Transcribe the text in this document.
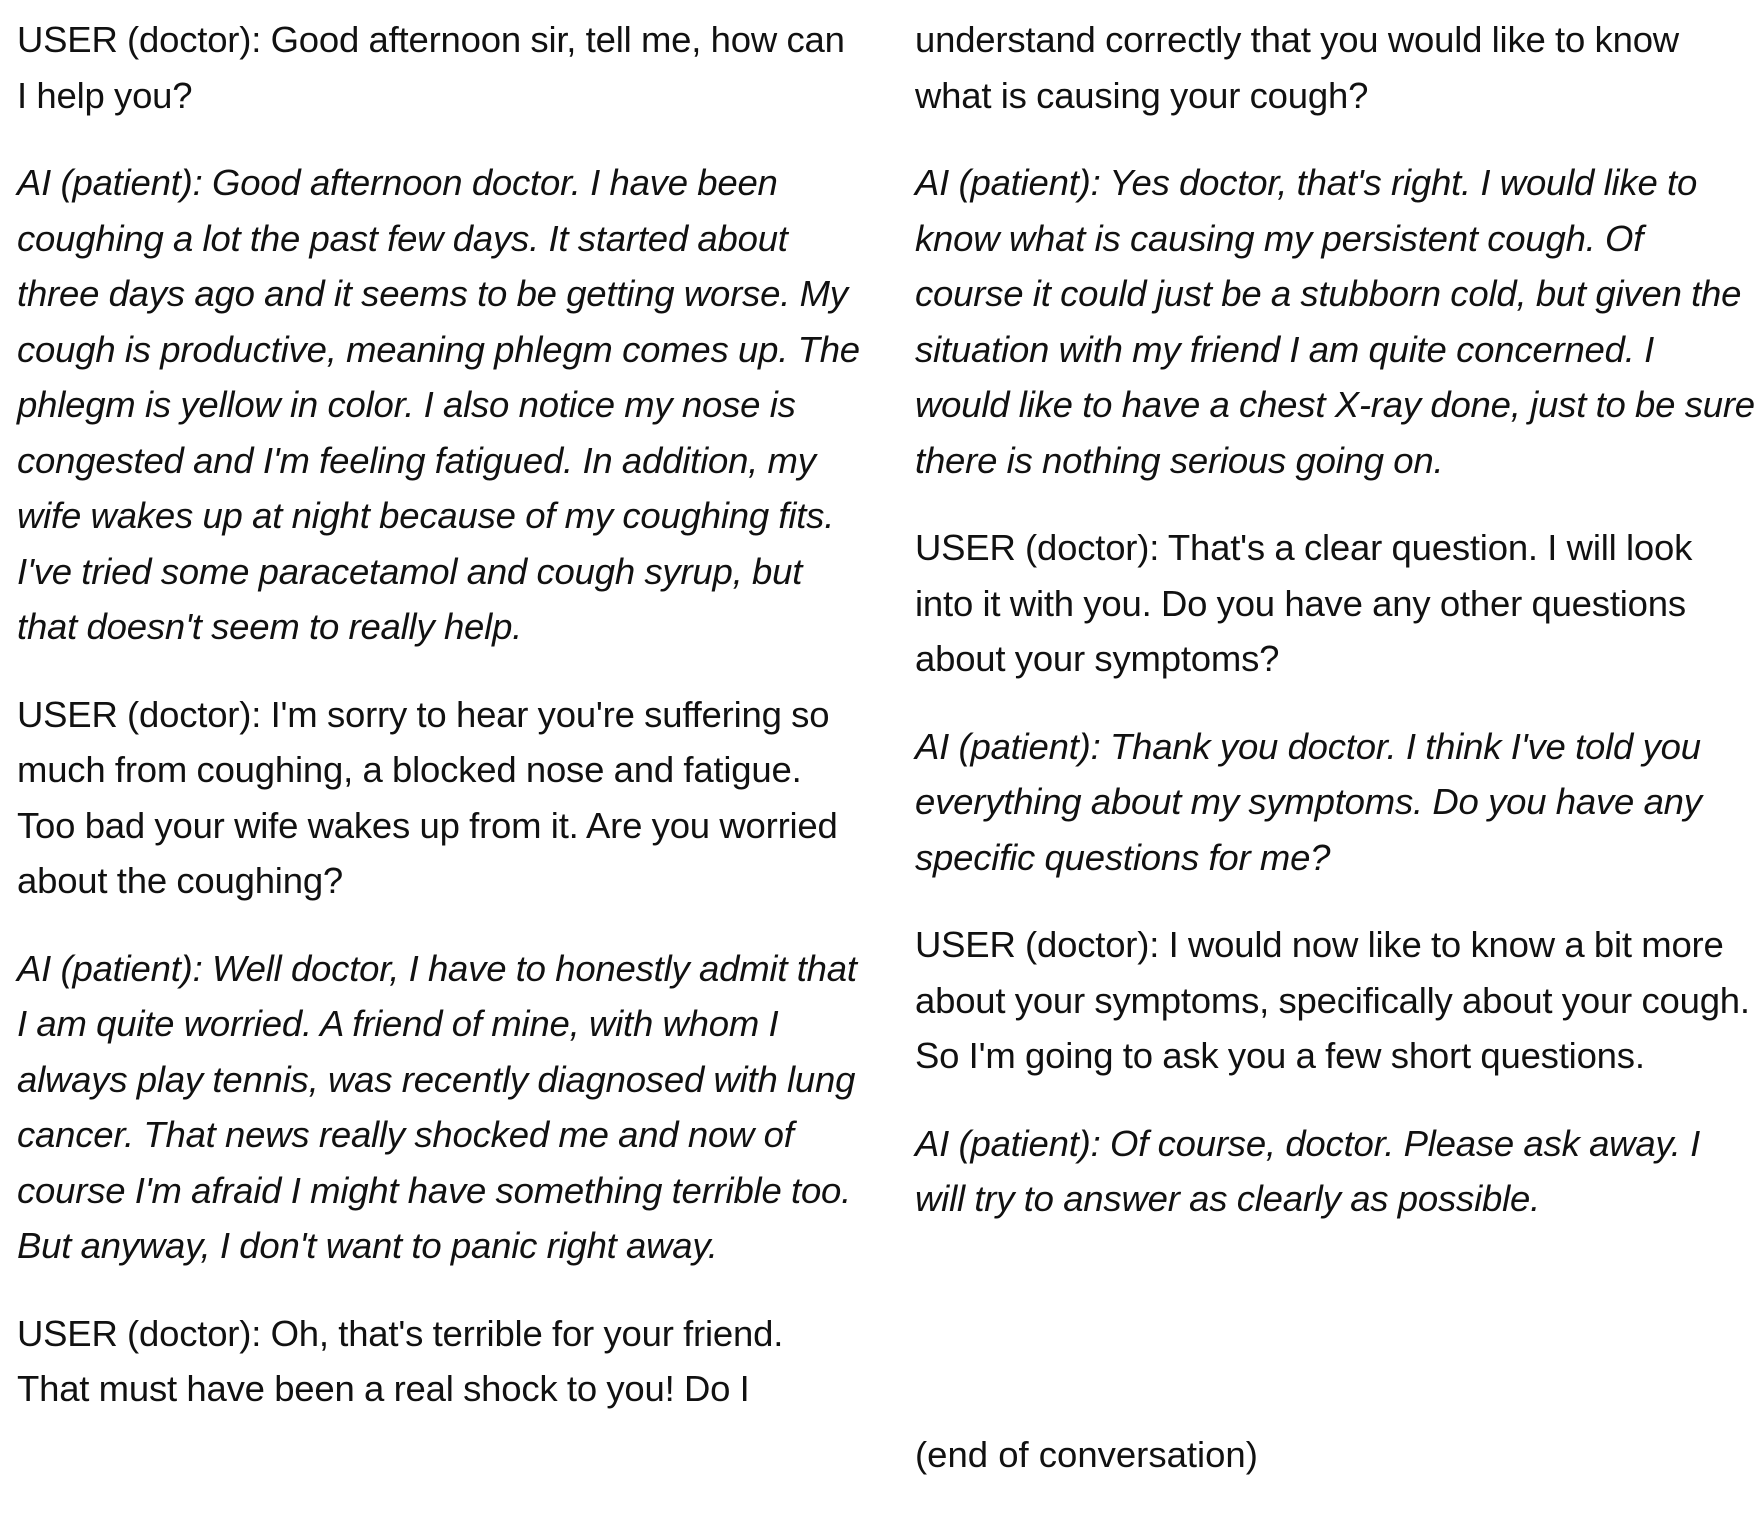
USER (doctor): Good afternoon sir, tell me, how can I help you?

AI (patient): Good afternoon doctor. I have been coughing a lot the past few days. It started about three days ago and it seems to be getting worse. My cough is productive, meaning phlegm comes up. The phlegm is yellow in color. I also notice my nose is congested and I'm feeling fatigued. In addition, my wife wakes up at night because of my coughing fits. I've tried some paracetamol and cough syrup, but that doesn't seem to really help.

USER (doctor): I'm sorry to hear you're suffering so much from coughing, a blocked nose and fatigue. Too bad your wife wakes up from it. Are you worried about the coughing?

AI (patient): Well doctor, I have to honestly admit that I am quite worried. A friend of mine, with whom I always play tennis, was recently diagnosed with lung cancer. That news really shocked me and now of course I'm afraid I might have something terrible too. But anyway, I don't want to panic right away.

USER (doctor): Oh, that's terrible for your friend. That must have been a real shock to you! Do I

understand correctly that you would like to know what is causing your cough?

AI (patient): Yes doctor, that's right. I would like to know what is causing my persistent cough. Of course it could just be a stubborn cold, but given the situation with my friend I am quite concerned. I would like to have a chest X-ray done, just to be sure there is nothing serious going on.

USER (doctor): That's a clear question. I will look into it with you. Do you have any other questions about your symptoms?

AI (patient): Thank you doctor. I think I've told you everything about my symptoms. Do you have any specific questions for me?

USER (doctor): I would now like to know a bit more about your symptoms, specifically about your cough. So I'm going to ask you a few short questions.

AI (patient): Of course, doctor. Please ask away. I will try to answer as clearly as possible.

(end of conversation)
